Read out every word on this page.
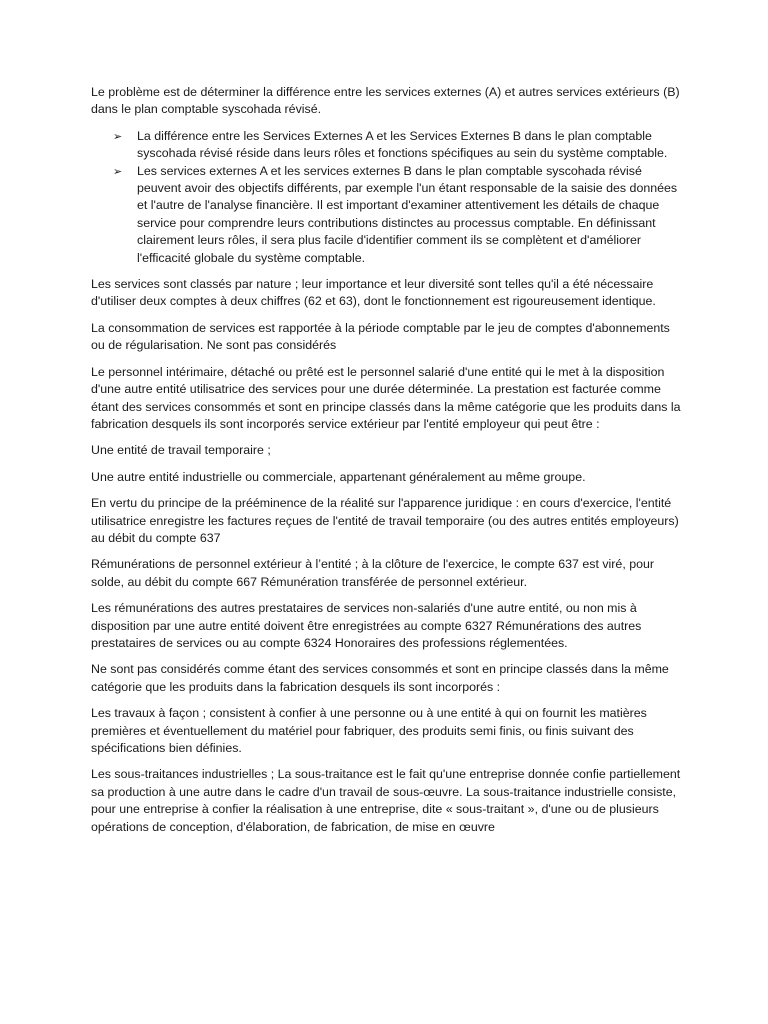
Le problème est de déterminer la différence entre les services externes (A) et autres services extérieurs (B) dans le plan comptable syscohada révisé.

➢ La différence entre les Services Externes A et les Services Externes B dans le plan comptable syscohada révisé réside dans leurs rôles et fonctions spécifiques au sein du système comptable.
➢ Les services externes A et les services externes B dans le plan comptable syscohada révisé peuvent avoir des objectifs différents, par exemple l'un étant responsable de la saisie des données et l'autre de l'analyse financière. Il est important d'examiner attentivement les détails de chaque service pour comprendre leurs contributions distinctes au processus comptable. En définissant clairement leurs rôles, il sera plus facile d'identifier comment ils se complètent et d'améliorer l'efficacité globale du système comptable.

Les services sont classés par nature ; leur importance et leur diversité sont telles qu'il a été nécessaire d'utiliser deux comptes à deux chiffres (62 et 63), dont le fonctionnement est rigoureusement identique.

La consommation de services est rapportée à la période comptable par le jeu de comptes d'abonnements ou de régularisation. Ne sont pas considérés

Le personnel intérimaire, détaché ou prêté est le personnel salarié d'une entité qui le met à la disposition d'une autre entité utilisatrice des services pour une durée déterminée. La prestation est facturée comme étant des services consommés et sont en principe classés dans la même catégorie que les produits dans la fabrication desquels ils sont incorporés service extérieur par l'entité employeur qui peut être :

Une entité de travail temporaire ;

Une autre entité industrielle ou commerciale, appartenant généralement au même groupe.

En vertu du principe de la prééminence de la réalité sur l'apparence juridique : en cours d'exercice, l'entité utilisatrice enregistre les factures reçues de l'entité de travail temporaire (ou des autres entités employeurs) au débit du compte 637

Rémunérations de personnel extérieur à l’entité ; à la clôture de l'exercice, le compte 637 est viré, pour solde, au débit du compte 667 Rémunération transférée de personnel extérieur.

Les rémunérations des autres prestataires de services non-salariés d'une autre entité, ou non mis à disposition par une autre entité doivent être enregistrées au compte 6327 Rémunérations des autres prestataires de services ou au compte 6324 Honoraires des professions réglementées.

Ne sont pas considérés comme étant des services consommés et sont en principe classés dans la même catégorie que les produits dans la fabrication desquels ils sont incorporés :

Les travaux à façon ; consistent à confier à une personne ou à une entité à qui on fournit les matières premières et éventuellement du matériel pour fabriquer, des produits semi finis, ou finis suivant des spécifications bien définies.

Les sous-traitances industrielles ; La sous-traitance est le fait qu'une entreprise donnée confie partiellement sa production à une autre dans le cadre d'un travail de sous-œuvre. La sous-traitance industrielle consiste, pour une entreprise à confier la réalisation à une entreprise, dite « sous-traitant », d'une ou de plusieurs opérations de conception, d'élaboration, de fabrication, de mise en œuvre
